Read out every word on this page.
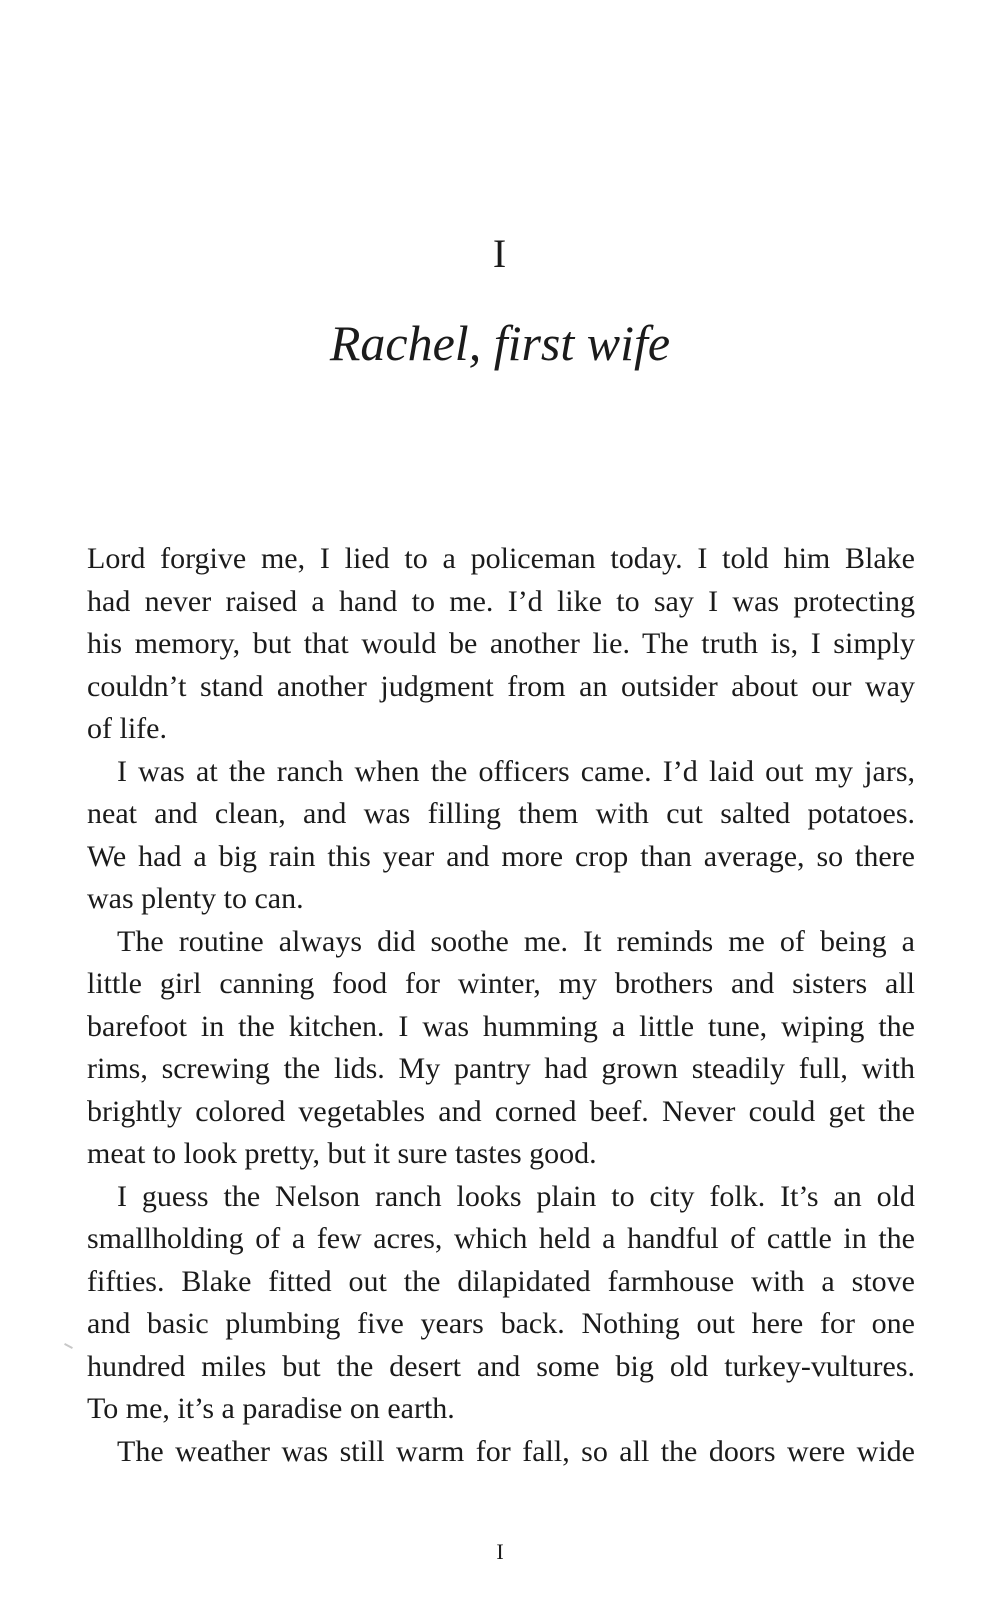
I
Rachel, first wife

Lord forgive me, I lied to a policeman today. I told him Blake
had never raised a hand to me. I’d like to say I was protecting
his memory, but that would be another lie. The truth is, I simply
couldn’t stand another judgment from an outsider about our way
of life.

I was at the ranch when the officers came. I’d laid out my jars,
neat and clean, and was filling them with cut salted potatoes.
We had a big rain this year and more crop than average, so there
was plenty to can.

The routine always did soothe me. It reminds me of being a
little girl canning food for winter, my brothers and sisters all
barefoot in the kitchen. I was humming a little tune, wiping the
rims, screwing the lids. My pantry had grown steadily full, with
brightly colored vegetables and corned beef. Never could get the
meat to look pretty, but it sure tastes good.

I guess the Nelson ranch looks plain to city folk. It’s an old
smallholding of a few acres, which held a handful of cattle in the
fifties. Blake fitted out the dilapidated farmhouse with a stove
and basic plumbing five years back. Nothing out here for one
hundred miles but the desert and some big old turkey-vultures.
To me, it’s a paradise on earth.

The weather was still warm for fall, so all the doors were wide

I
